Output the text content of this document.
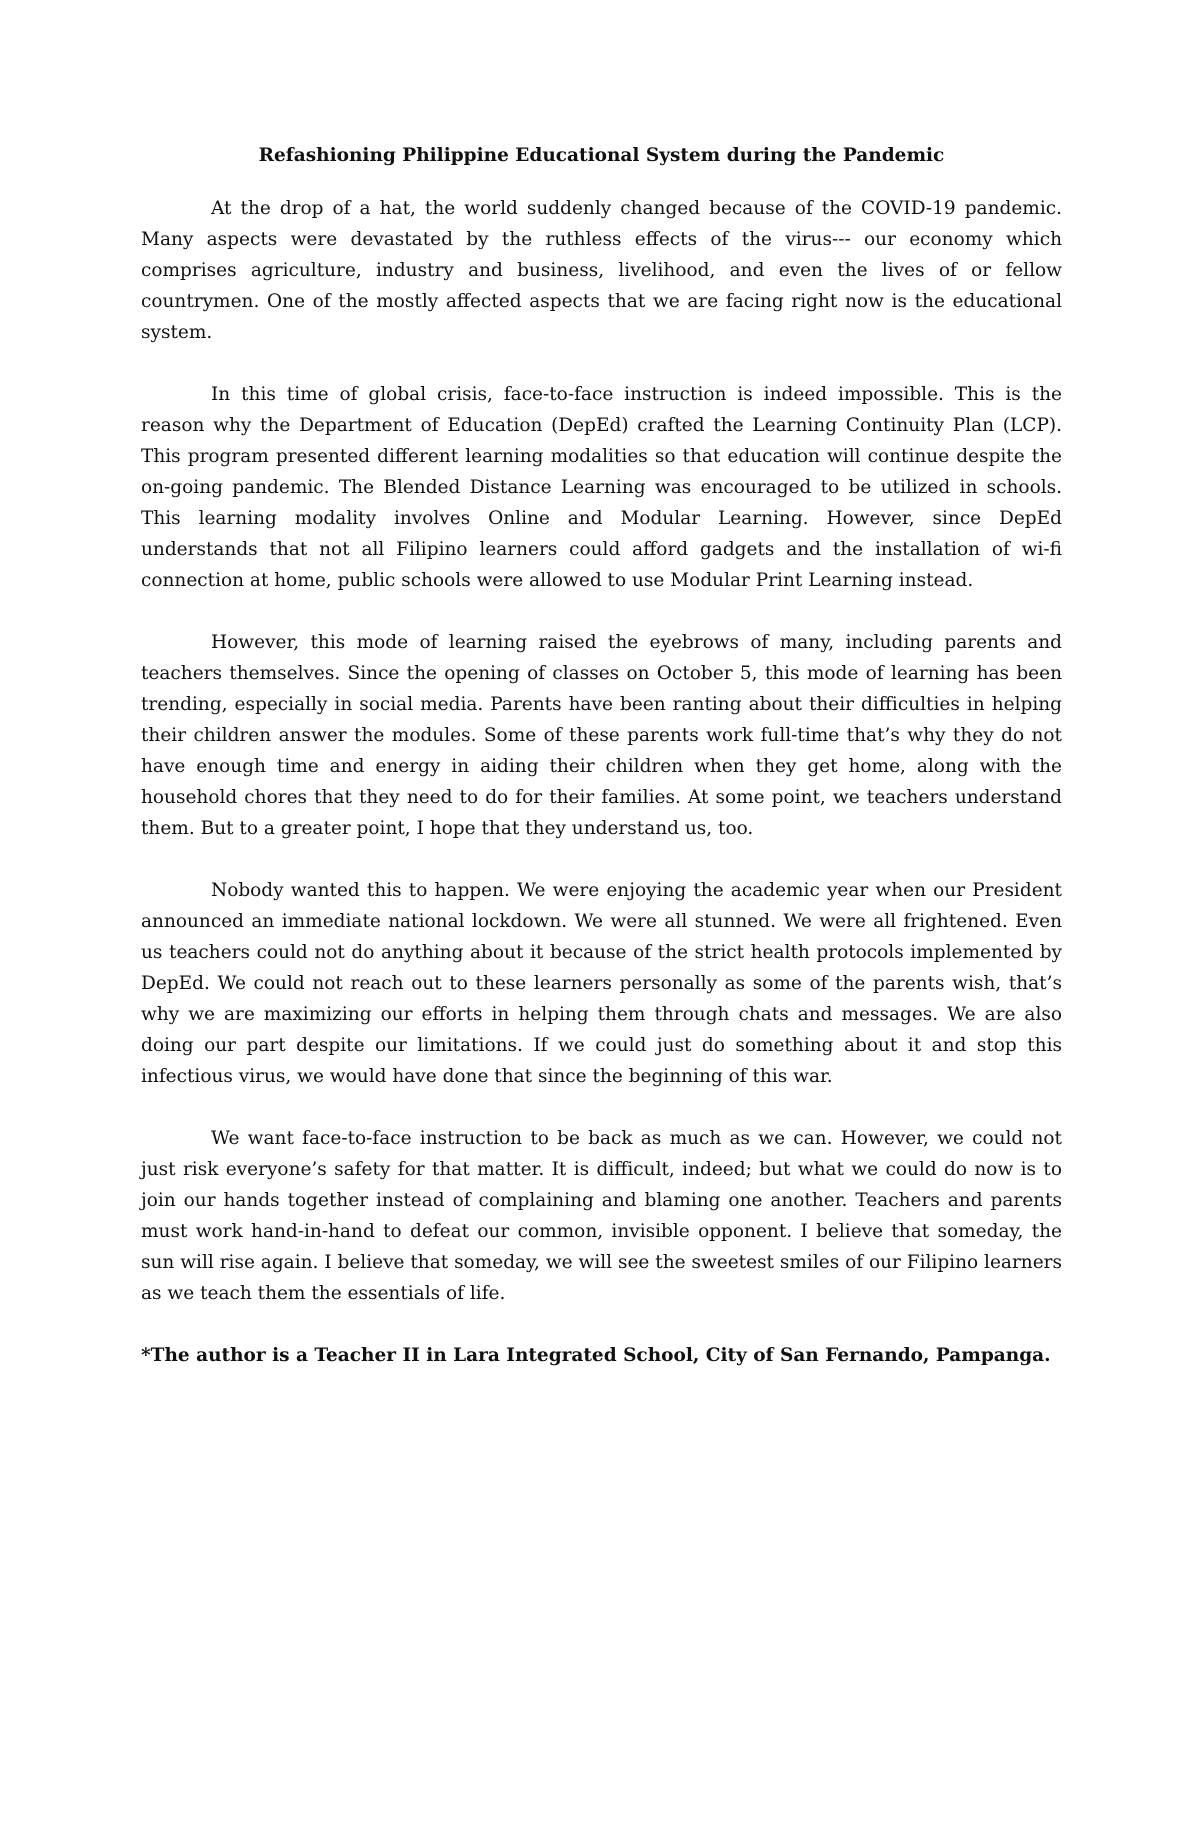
Refashioning Philippine Educational System during the Pandemic

At the drop of a hat, the world suddenly changed because of the COVID-19 pandemic. Many aspects were devastated by the ruthless effects of the virus--- our economy which comprises agriculture, industry and business, livelihood, and even the lives of or fellow countrymen. One of the mostly affected aspects that we are facing right now is the educational system.

In this time of global crisis, face-to-face instruction is indeed impossible. This is the reason why the Department of Education (DepEd) crafted the Learning Continuity Plan (LCP). This program presented different learning modalities so that education will continue despite the on-going pandemic. The Blended Distance Learning was encouraged to be utilized in schools. This learning modality involves Online and Modular Learning. However, since DepEd understands that not all Filipino learners could afford gadgets and the installation of wi-fi connection at home, public schools were allowed to use Modular Print Learning instead.

However, this mode of learning raised the eyebrows of many, including parents and teachers themselves. Since the opening of classes on October 5, this mode of learning has been trending, especially in social media. Parents have been ranting about their difficulties in helping their children answer the modules. Some of these parents work full-time that’s why they do not have enough time and energy in aiding their children when they get home, along with the household chores that they need to do for their families. At some point, we teachers understand them. But to a greater point, I hope that they understand us, too.

Nobody wanted this to happen. We were enjoying the academic year when our President announced an immediate national lockdown. We were all stunned. We were all frightened. Even us teachers could not do anything about it because of the strict health protocols implemented by DepEd. We could not reach out to these learners personally as some of the parents wish, that’s why we are maximizing our efforts in helping them through chats and messages. We are also doing our part despite our limitations. If we could just do something about it and stop this infectious virus, we would have done that since the beginning of this war.

We want face-to-face instruction to be back as much as we can. However, we could not just risk everyone’s safety for that matter. It is difficult, indeed; but what we could do now is to join our hands together instead of complaining and blaming one another. Teachers and parents must work hand-in-hand to defeat our common, invisible opponent. I believe that someday, the sun will rise again. I believe that someday, we will see the sweetest smiles of our Filipino learners as we teach them the essentials of life.

*The author is a Teacher II in Lara Integrated School, City of San Fernando, Pampanga.
